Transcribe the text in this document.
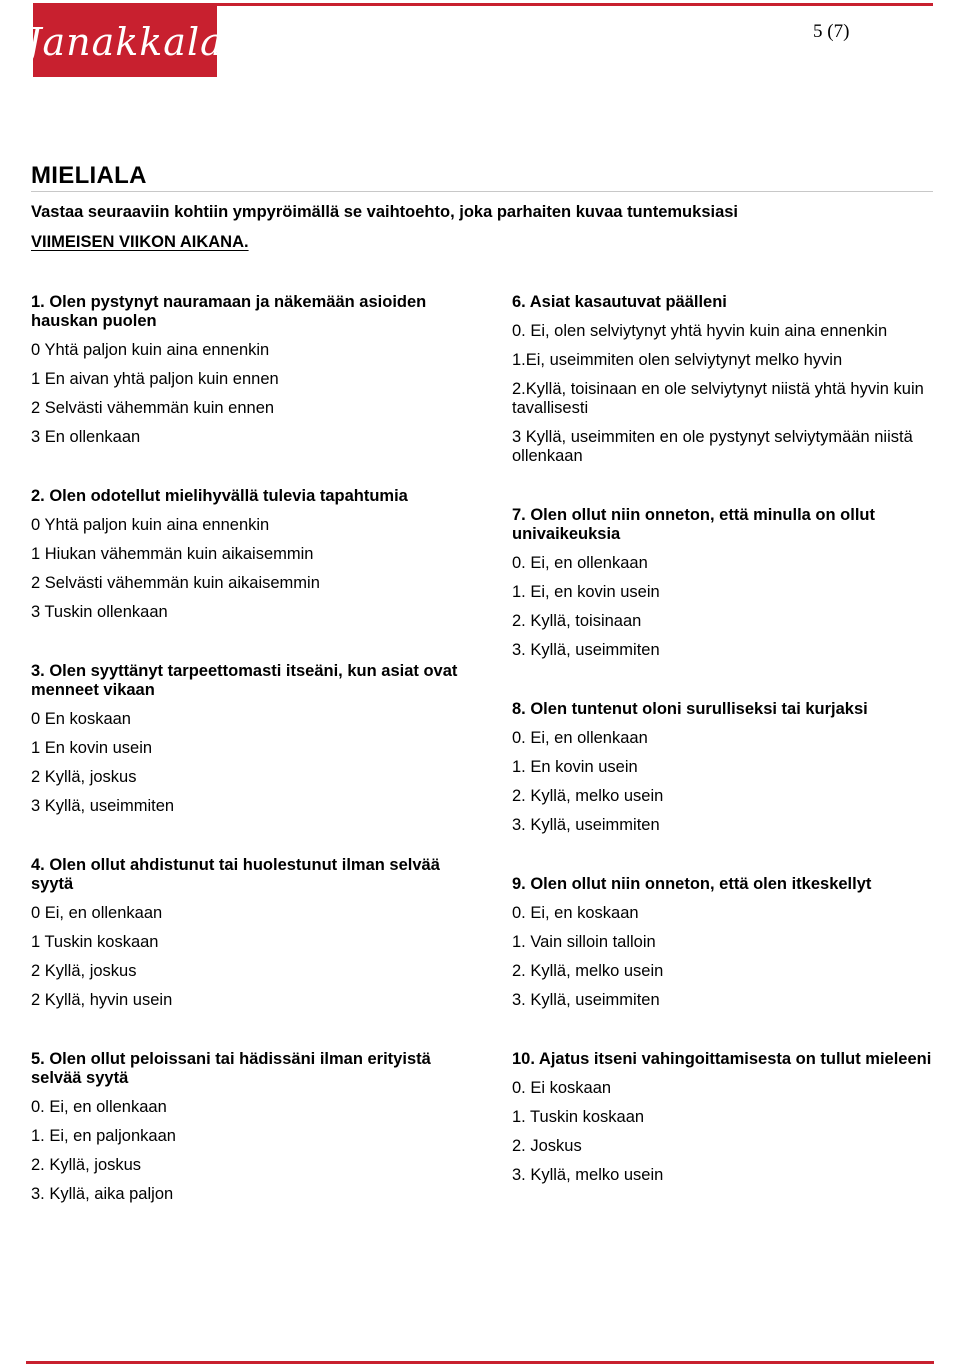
Janakkala	5 (7)
MIELIALA
Vastaa seuraaviin kohtiin ympyröimällä se vaihtoehto, joka parhaiten kuvaa tuntemuksiasi
VIIMEISEN VIIKON AIKANA.

1. Olen pystynyt nauramaan ja näkemään asioiden hauskan puolen

0 Yhtä paljon kuin aina ennenkin

1 En aivan yhtä paljon kuin ennen

2 Selvästi vähemmän kuin ennen

3 En ollenkaan

2. Olen odotellut mielihyvällä tulevia tapahtumia

0 Yhtä paljon kuin aina ennenkin

1 Hiukan vähemmän kuin aikaisemmin

2 Selvästi vähemmän kuin aikaisemmin

3 Tuskin ollenkaan

3. Olen syyttänyt tarpeettomasti itseäni, kun asiat ovat menneet vikaan

0 En koskaan

1 En kovin usein

2 Kyllä, joskus

3 Kyllä, useimmiten

4. Olen ollut ahdistunut tai huolestunut ilman selvää syytä

0 Ei, en ollenkaan

1 Tuskin koskaan

2 Kyllä, joskus

2 Kyllä, hyvin usein

5. Olen ollut peloissani tai hädissäni ilman erityistä selvää syytä

0. Ei, en ollenkaan

1. Ei, en paljonkaan

2. Kyllä, joskus

3. Kyllä, aika paljon

6. Asiat kasautuvat päälleni

0. Ei, olen selviytynyt yhtä hyvin kuin aina ennenkin

1.Ei, useimmiten olen selviytynyt melko hyvin

2.Kyllä, toisinaan en ole selviytynyt niistä yhtä hyvin kuin tavallisesti

3 Kyllä, useimmiten en ole pystynyt selviytymään niistä ollenkaan

7. Olen ollut niin onneton, että minulla on ollut univaikeuksia

0. Ei, en ollenkaan

1. Ei, en kovin usein

2. Kyllä, toisinaan

3. Kyllä, useimmiten

8. Olen tuntenut oloni surulliseksi tai kurjaksi

0. Ei, en ollenkaan

1. En kovin usein

2. Kyllä, melko usein

3. Kyllä, useimmiten

9. Olen ollut niin onneton, että olen itkeskellyt

0. Ei, en koskaan

1. Vain silloin talloin

2. Kyllä, melko usein

3. Kyllä, useimmiten

10. Ajatus itseni vahingoittamisesta on tullut mieleeni

0. Ei koskaan

1. Tuskin koskaan

2. Joskus

3. Kyllä, melko usein
